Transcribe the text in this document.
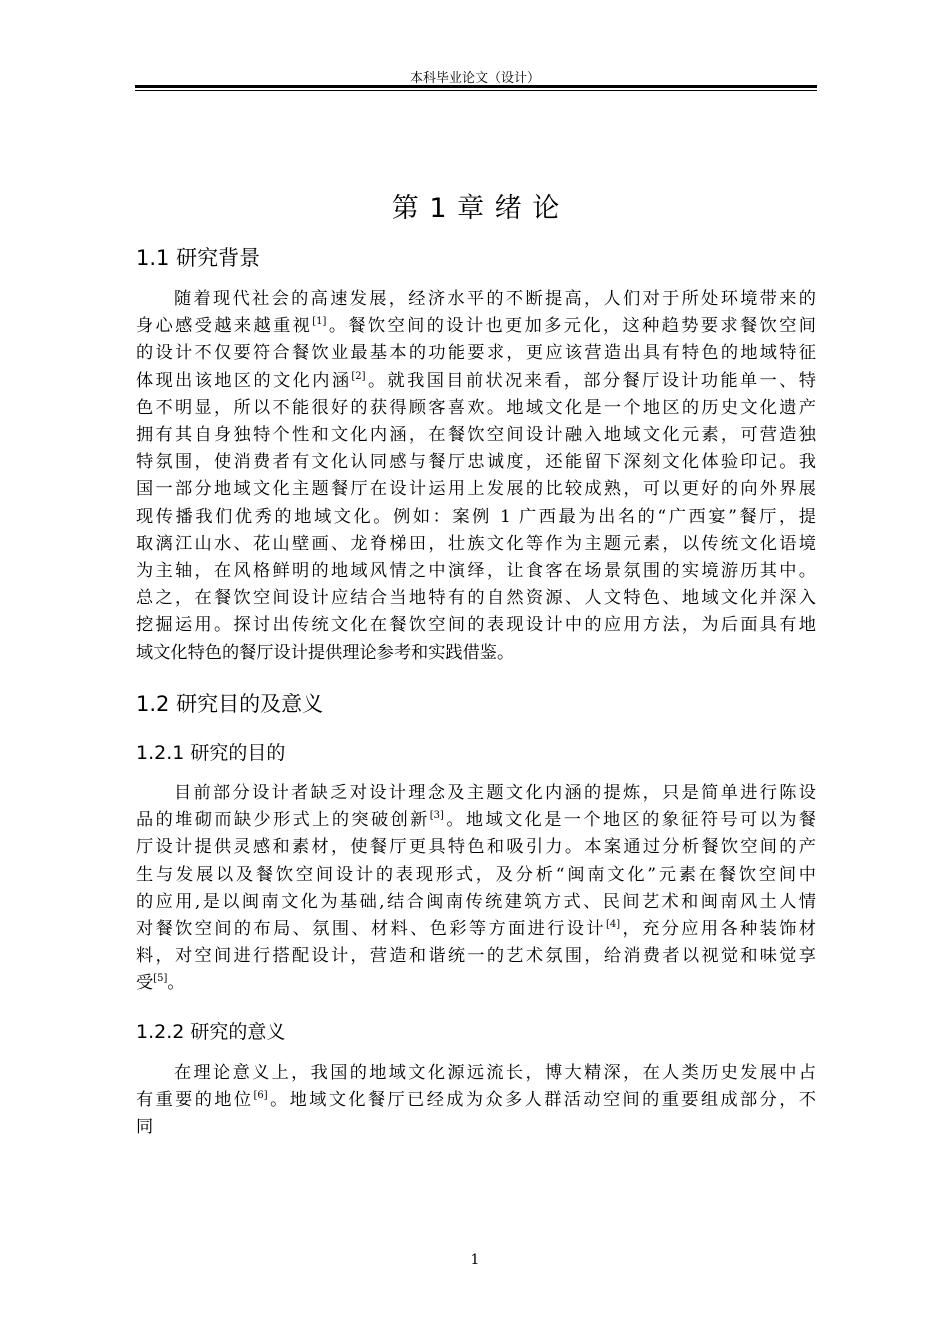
本科毕业论文（设计）
第 1 章 绪 论
1.1 研究背景
随着现代社会的高速发展，经济水平的不断提高，人们对于所处环境带来的
身心感受越来越重视[1]。餐饮空间的设计也更加多元化，这种趋势要求餐饮空间
的设计不仅要符合餐饮业最基本的功能要求，更应该营造出具有特色的地域特征
体现出该地区的文化内涵[2]。就我国目前状况来看，部分餐厅设计功能单一、特
色不明显，所以不能很好的获得顾客喜欢。地域文化是一个地区的历史文化遗产
拥有其自身独特个性和文化内涵，在餐饮空间设计融入地域文化元素，可营造独
特氛围，使消费者有文化认同感与餐厅忠诚度，还能留下深刻文化体验印记。我
国一部分地域文化主题餐厅在设计运用上发展的比较成熟，可以更好的向外界展
现传播我们优秀的地域文化。例如：案例 1 广西最为出名的“广西宴”餐厅，提
取漓江山水、花山壁画、龙脊梯田，壮族文化等作为主题元素，以传统文化语境
为主轴，在风格鲜明的地域风情之中演绎，让食客在场景氛围的实境游历其中。
总之，在餐饮空间设计应结合当地特有的自然资源、人文特色、地域文化并深入
挖掘运用。探讨出传统文化在餐饮空间的表现设计中的应用方法，为后面具有地
域文化特色的餐厅设计提供理论参考和实践借鉴。
1.2 研究目的及意义
1.2.1 研究的目的
目前部分设计者缺乏对设计理念及主题文化内涵的提炼，只是简单进行陈设
品的堆砌而缺少形式上的突破创新[3]。地域文化是一个地区的象征符号可以为餐
厅设计提供灵感和素材，使餐厅更具特色和吸引力。本案通过分析餐饮空间的产
生与发展以及餐饮空间设计的表现形式，及分析“闽南文化”元素在餐饮空间中
的应用,是以闽南文化为基础,结合闽南传统建筑方式、民间艺术和闽南风土人情
对餐饮空间的布局、氛围、材料、色彩等方面进行设计[4]，充分应用各种装饰材
料，对空间进行搭配设计，营造和谐统一的艺术氛围，给消费者以视觉和味觉享
受[5]。
1.2.2 研究的意义
在理论意义上，我国的地域文化源远流长，博大精深，在人类历史发展中占
有重要的地位[6]。地域文化餐厅已经成为众多人群活动空间的重要组成部分，不
同
1
